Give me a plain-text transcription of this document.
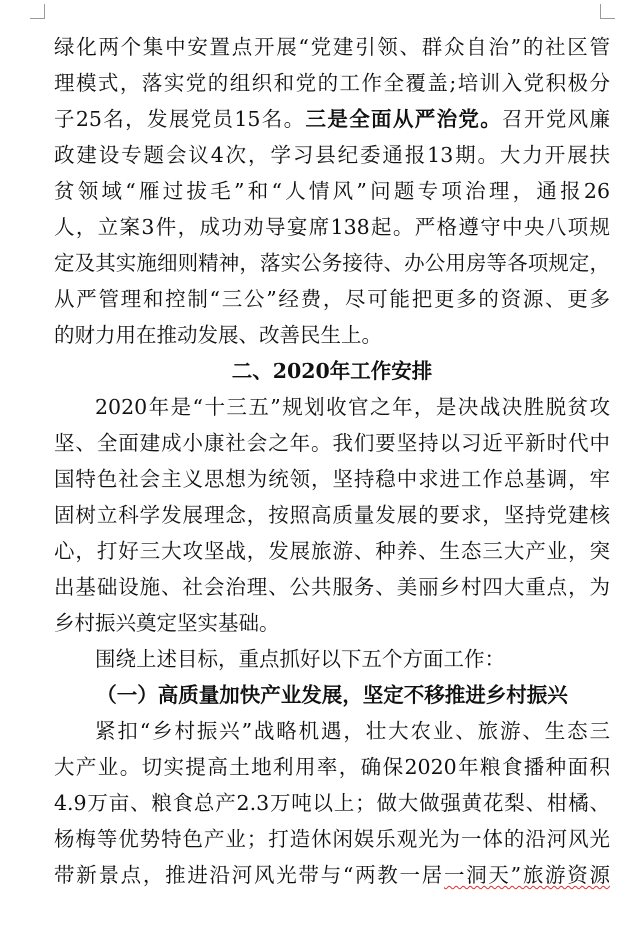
绿化两个集中安置点开展“党建引领、群众自治”的社区管
理模式，落实党的组织和党的工作全覆盖;培训入党积极分
子25名，发展党员15名。三是全面从严治党。召开党风廉
政建设专题会议4次，学习县纪委通报13期。大力开展扶
贫领域“雁过拔毛”和“人情风”问题专项治理，通报26
人，立案3件，成功劝导宴席138起。严格遵守中央八项规
定及其实施细则精神，落实公务接待、办公用房等各项规定，
从严管理和控制“三公”经费，尽可能把更多的资源、更多
的财力用在推动发展、改善民生上。
二、2020年工作安排
2020年是“十三五”规划收官之年，是决战决胜脱贫攻
坚、全面建成小康社会之年。我们要坚持以习近平新时代中
国特色社会主义思想为统领，坚持稳中求进工作总基调，牢
固树立科学发展理念，按照高质量发展的要求，坚持党建核
心，打好三大攻坚战，发展旅游、种养、生态三大产业，突
出基础设施、社会治理、公共服务、美丽乡村四大重点，为
乡村振兴奠定坚实基础。
围绕上述目标，重点抓好以下五个方面工作：
（一）高质量加快产业发展，坚定不移推进乡村振兴
紧扣“乡村振兴”战略机遇，壮大农业、旅游、生态三
大产业。切实提高土地利用率，确保2020年粮食播种面积
4.9万亩、粮食总产2.3万吨以上；做大做强黄花梨、柑橘、
杨梅等优势特色产业；打造休闲娱乐观光为一体的沿河风光
带新景点，推进沿河风光带与“两教一居一洞天”旅游资源
